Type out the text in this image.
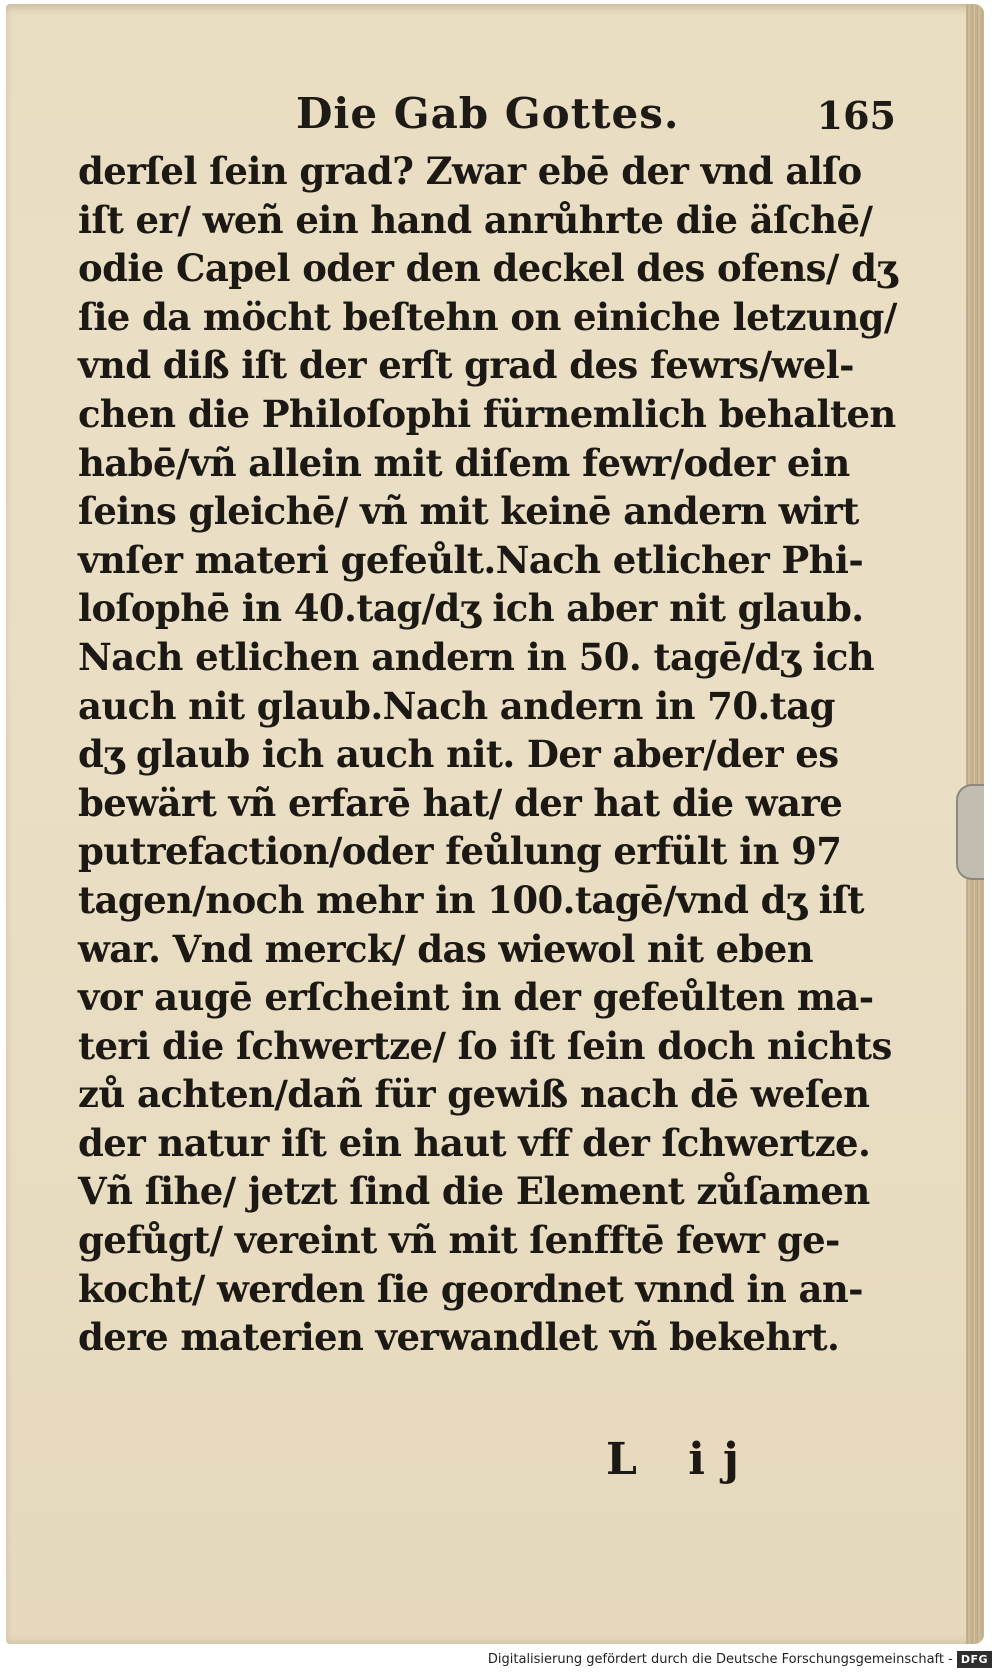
Die Gab Gottes.	165
derſel ſein grad? Zwar ebē der vnd alſo
iſt er/ weñ ein hand anrůhrte die äſchē/
odie Capel oder den deckel des ofens/ dʒ
ſie da möcht beſtehn on einiche letzung/
vnd diß iſt der erſt grad des fewrs/wel-
chen die Philoſophi fürnemlich behalten
habē/vñ allein mit diſem fewr/oder ein
ſeins gleichē/ vñ mit keinē andern wirt
vnſer materi gefeůlt.Nach etlicher Phi-
loſophē in 40.tag/dʒ ich aber nit glaub.
Nach etlichen andern in 50. tagē/dʒ ich
auch nit glaub.Nach andern in 70.tag
dʒ glaub ich auch nit. Der aber/der es
bewärt vñ erfarē hat/ der hat die ware
putrefaction/oder feůlung erfült in 97
tagen/noch mehr in 100.tagē/vnd dʒ iſt
war. Vnd merck/ das wiewol nit eben
vor augē erſcheint in der gefeůlten ma-
teri die ſchwertze/ ſo iſt ſein doch nichts
zů achten/dañ für gewiß nach dē weſen
der natur iſt ein haut vff der ſchwertze.
Vñ ſihe/ jetzt ſind die Element zůſamen
gefůgt/ vereint vñ mit ſenfftē fewr ge-
kocht/ werden ſie geordnet vnnd in an-
dere materien verwandlet vñ bekehrt.
L ij
Digitalisierung gefördert durch die Deutsche Forschungsgemeinschaft - DFG
